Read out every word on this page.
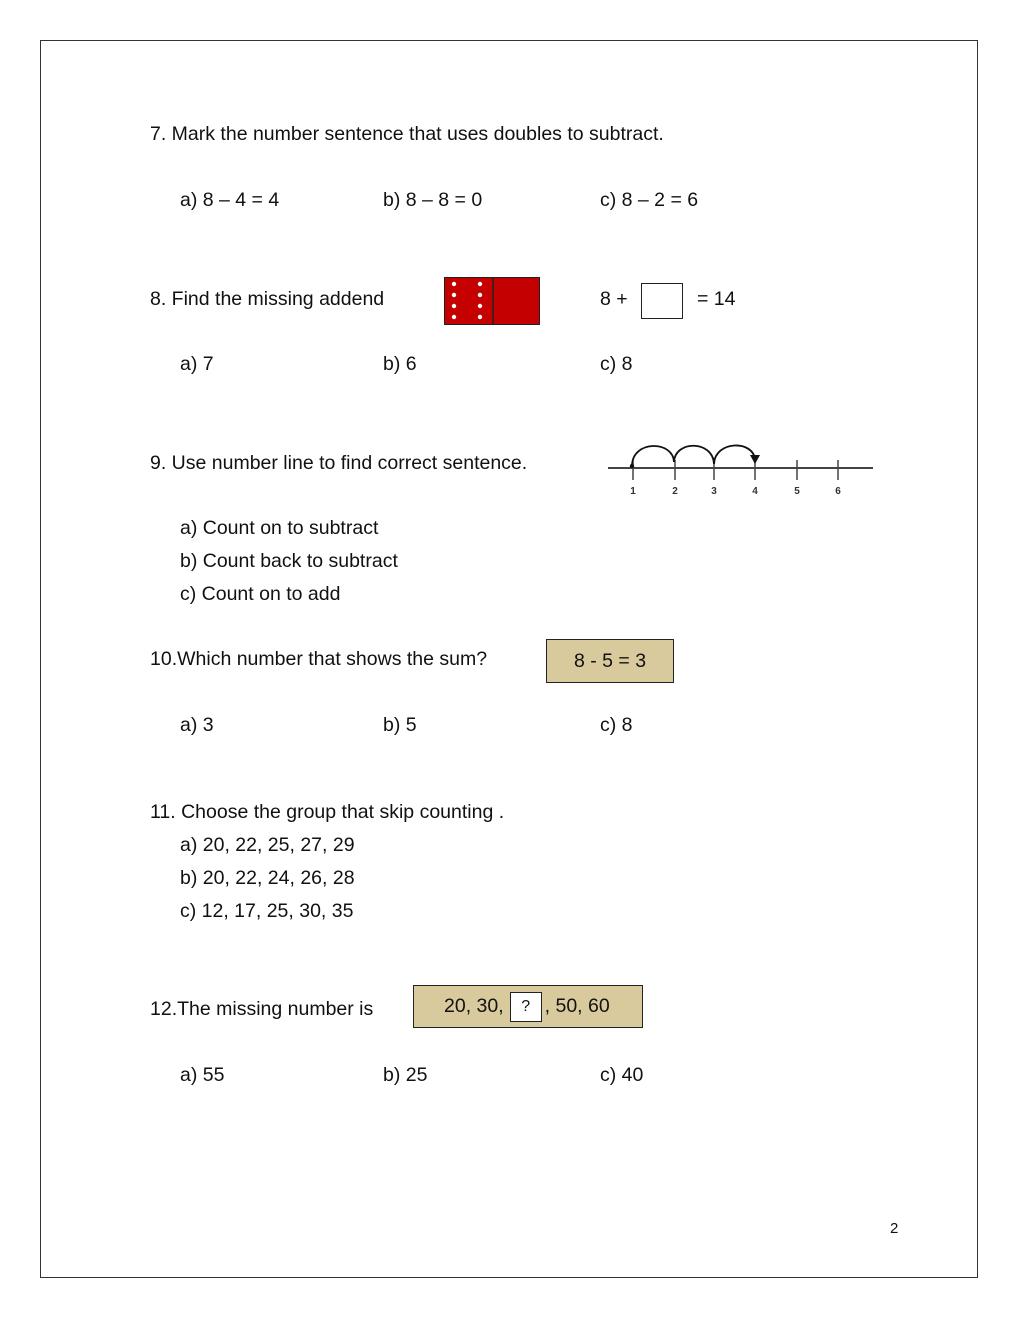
7. Mark the number sentence that uses doubles to subtract.
a) 8 – 4 = 4	b) 8 – 8 = 0	c) 8 – 2 = 6
8. Find the missing addend	8 +	= 14
a) 7	b) 6	c) 8
9. Use number line to find correct sentence.
1	2	3	4	5	6
a) Count on to subtract
b) Count back to subtract
c) Count on to add
10.Which number that shows the sum?	8 - 5 = 3
a) 3	b) 5	c) 8
11. Choose the group that skip counting .
a) 20, 22, 25, 27, 29
b) 20, 22, 24, 26, 28
c) 12, 17, 25, 30, 35
12.The missing number is	20, 30,	? , 50, 60
a) 55	b) 25	c) 40
2
